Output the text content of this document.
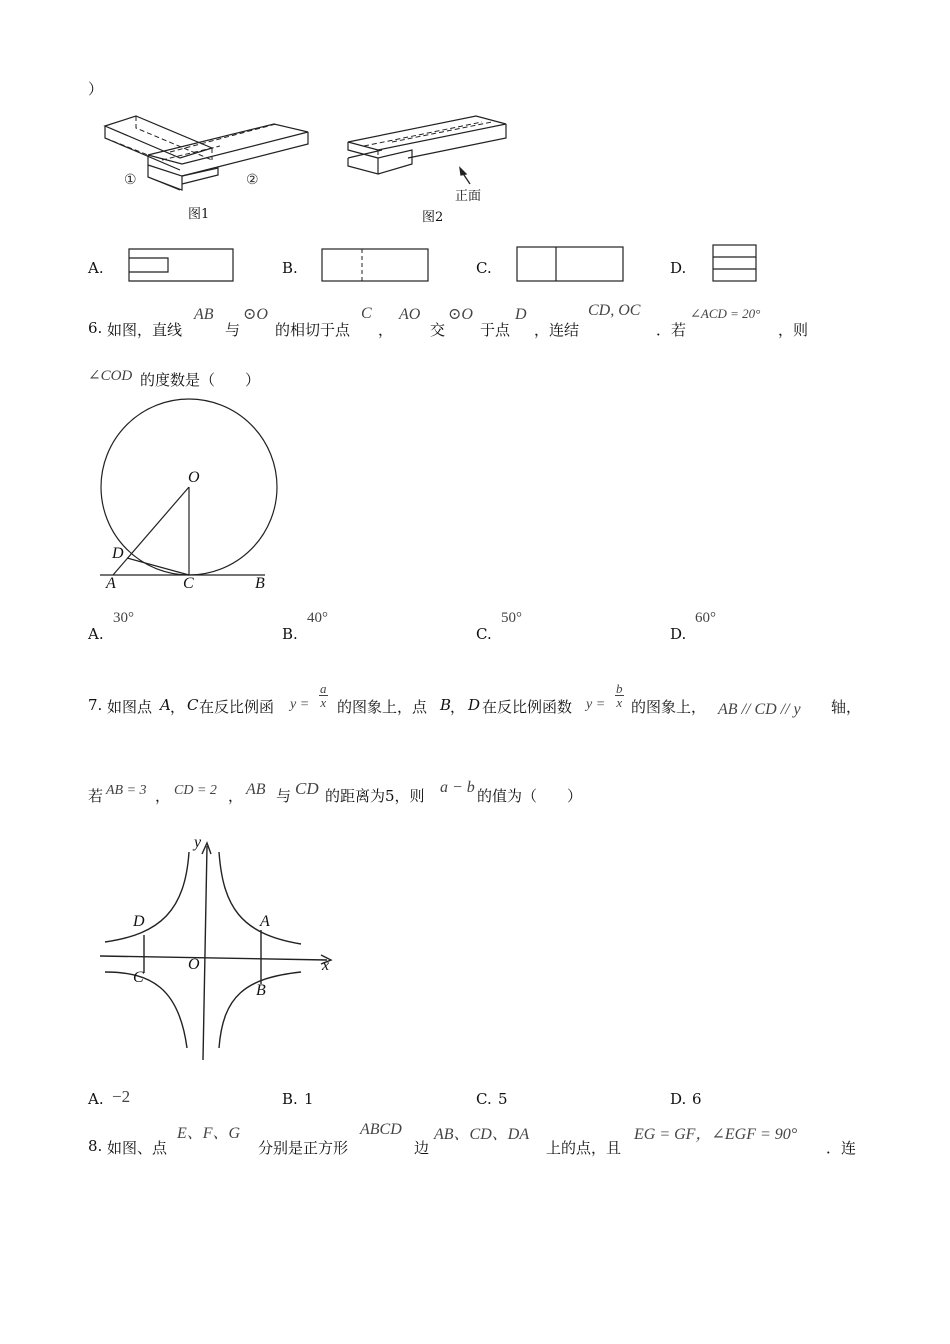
）
①	②
图1
正面
图2
A.	B.	C.	D.
6. 如图，直线
AB
与
⊙O
的相切于点
C
，
AO
交
⊙O
于点
D
，连结
CD, OC
．若
∠ACD = 20°
，则
∠COD 的度数是（　　）
O
D
A	C	B
A.
30°
B.
40°
C.
50°
D.
60°
7. 如图点 A ， C 在反比例函 $y = \frac{a}{x}$ 的图象上，点 B
， D 在反比例函数 $y = \frac{b}{x}$ 的图象上， AB // CD // y 轴，
若 AB = 3 ， CD = 2 ， AB 与 CD 的距离为5，则 a − b 的值为（　　）
y
x
O
A
B
C
D
A. −2	B. 1	C. 5	D. 6
8. 如图、点
E、F、G
分别是正方形
ABCD
边
AB、CD、DA
上的点，且
EG = GF，∠EGF = 90°
．连
